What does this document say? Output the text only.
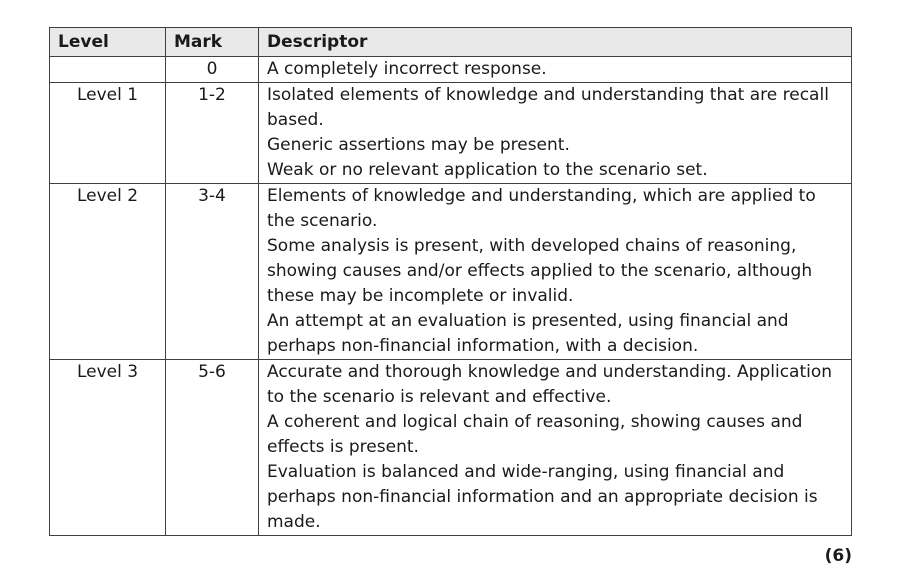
Level	Mark	Descriptor
	0	A completely incorrect response.

Level 1	1-2	Isolated elements of knowledge and understanding that are recall based.
Generic assertions may be present.
Weak or no relevant application to the scenario set.

Level 2	3-4	Elements of knowledge and understanding, which are applied to the scenario.
Some analysis is present, with developed chains of reasoning, showing causes and/or effects applied to the scenario, although these may be incomplete or invalid.
An attempt at an evaluation is presented, using financial and perhaps non-financial information, with a decision.

Level 3	5-6	Accurate and thorough knowledge and understanding. Application to the scenario is relevant and effective.
A coherent and logical chain of reasoning, showing causes and effects is present.
Evaluation is balanced and wide-ranging, using financial and perhaps non-financial information and an appropriate decision is made.
(6)
